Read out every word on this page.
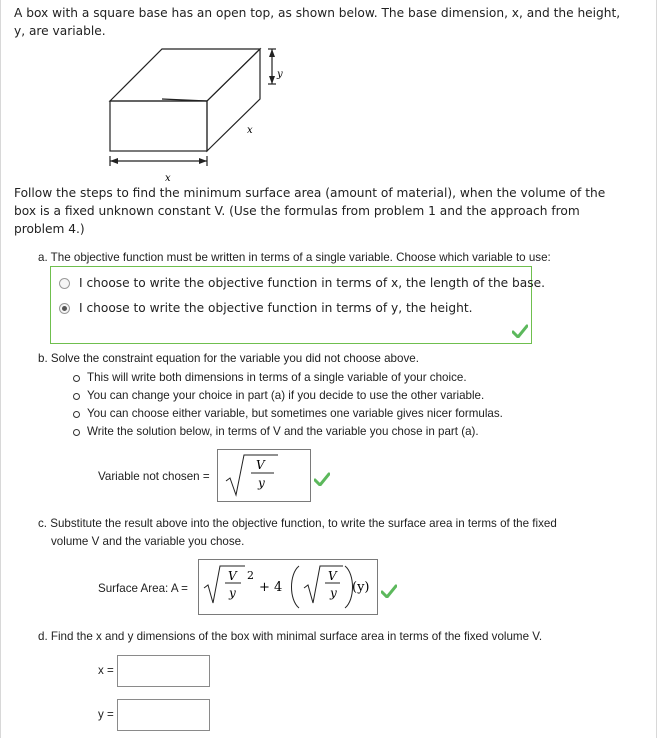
A box with a square base has an open top, as shown below. The base dimension, x, and the height,
y, are variable.
y
x
x
Follow the steps to find the minimum surface area (amount of material), when the volume of the
box is a fixed unknown constant V. (Use the formulas from problem 1 and the approach from
problem 4.)
a. The objective function must be written in terms of a single variable. Choose which variable to use:
I choose to write the objective function in terms of x, the length of the base.
I choose to write the objective function in terms of y, the height.
b. Solve the constraint equation for the variable you did not choose above.
This will write both dimensions in terms of a single variable of your choice.
You can change your choice in part (a) if you decide to use the other variable.
You can choose either variable, but sometimes one variable gives nicer formulas.
Write the solution below, in terms of V and the variable you chose in part (a).
Variable not chosen =
V
y
c. Substitute the result above into the objective function, to write the surface area in terms of the fixed
volume V and the variable you chose.
Surface Area: A =
V
y
2
+ 4
V
y (y)
d. Find the x and y dimensions of the box with minimal surface area in terms of the fixed volume V.
x =
y =
